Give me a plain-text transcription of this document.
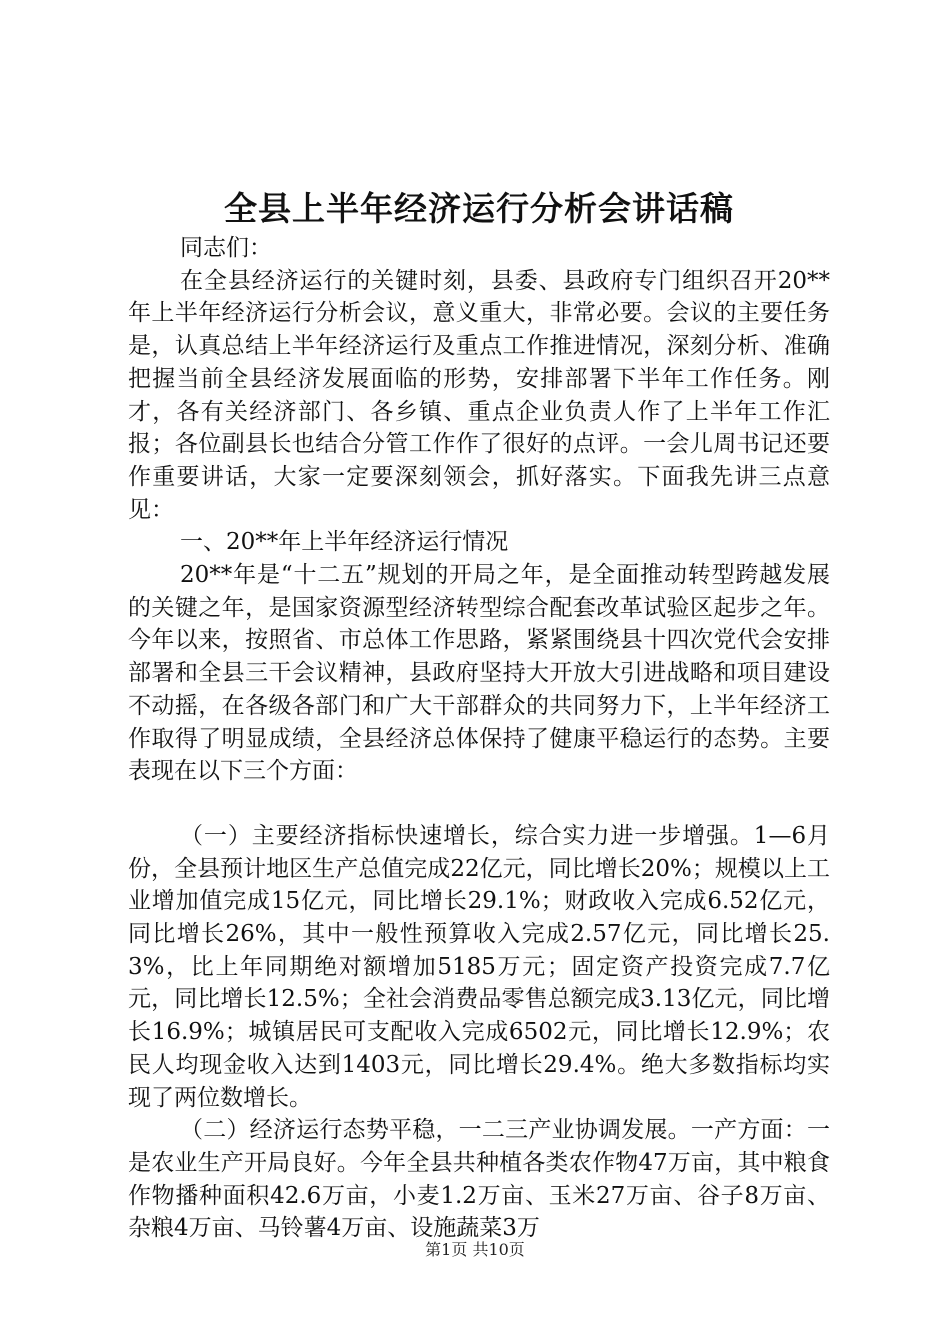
全县上半年经济运行分析会讲话稿

同志们：

在全县经济运行的关键时刻，县委、县政府专门组织召开20**年上半年经济运行分析会议，意义重大，非常必要。会议的主要任务是，认真总结上半年经济运行及重点工作推进情况，深刻分析、准确把握当前全县经济发展面临的形势，安排部署下半年工作任务。刚才，各有关经济部门、各乡镇、重点企业负责人作了上半年工作汇报；各位副县长也结合分管工作作了很好的点评。一会儿周书记还要作重要讲话，大家一定要深刻领会，抓好落实。下面我先讲三点意见：

一、20**年上半年经济运行情况

20**年是“十二五”规划的开局之年，是全面推动转型跨越发展的关键之年，是国家资源型经济转型综合配套改革试验区起步之年。今年以来，按照省、市总体工作思路，紧紧围绕县十四次党代会安排部署和全县三干会议精神，县政府坚持大开放大引进战略和项目建设不动摇，在各级各部门和广大干部群众的共同努力下，上半年经济工作取得了明显成绩，全县经济总体保持了健康平稳运行的态势。主要表现在以下三个方面：

（一）主要经济指标快速增长，综合实力进一步增强。1—6月份，全县预计地区生产总值完成22亿元，同比增长20%；规模以上工业增加值完成15亿元，同比增长29.1%；财政收入完成6.52亿元，同比增长26%，其中一般性预算收入完成2.57亿元，同比增长25.3%，比上年同期绝对额增加5185万元；固定资产投资完成7.7亿元，同比增长12.5%；全社会消费品零售总额完成3.13亿元，同比增长16.9%；城镇居民可支配收入完成6502元，同比增长12.9%；农民人均现金收入达到1403元，同比增长29.4%。绝大多数指标均实现了两位数增长。

（二）经济运行态势平稳，一二三产业协调发展。一产方面：一是农业生产开局良好。今年全县共种植各类农作物47万亩，其中粮食作物播种面积42.6万亩，小麦1.2万亩、玉米27万亩、谷子8万亩、杂粮4万亩、马铃薯4万亩、设施蔬菜3万

第1页 共10页
